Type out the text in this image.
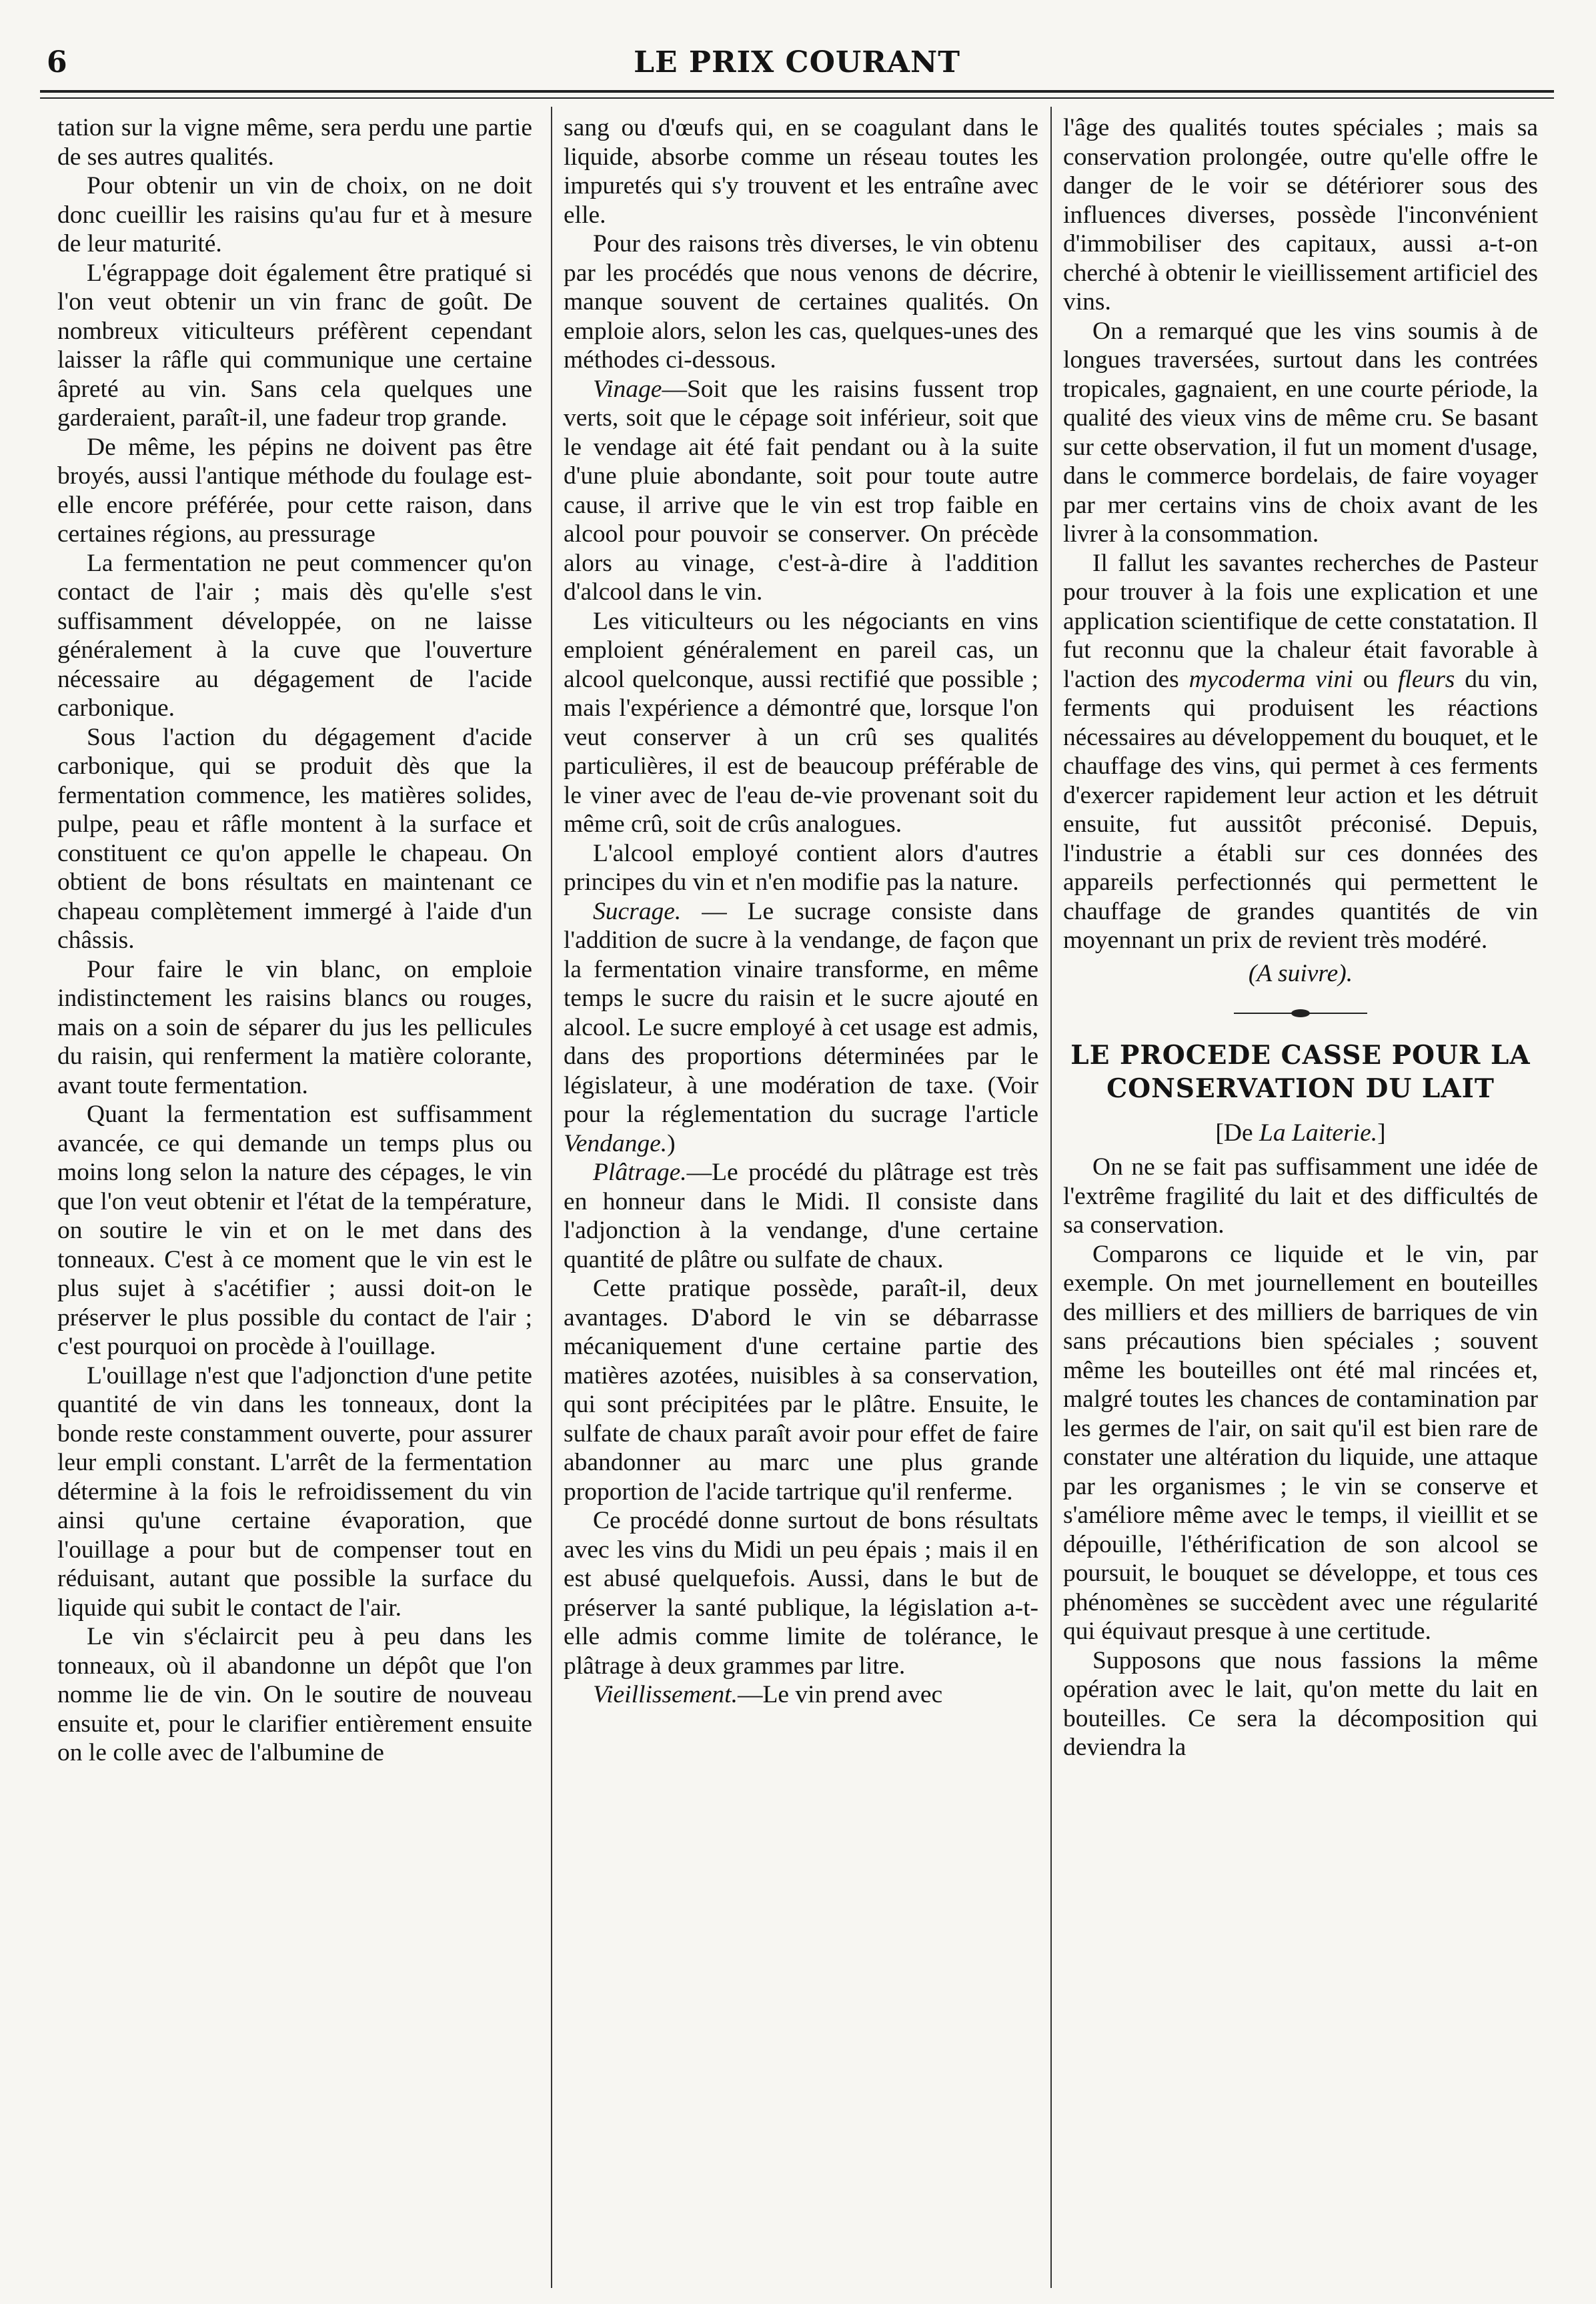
6	LE PRIX COURANT

tation sur la vigne même, sera perdu une partie de ses autres qualités.

Pour obtenir un vin de choix, on ne doit donc cueillir les raisins qu'au fur et à mesure de leur maturité.

L'égrappage doit également être pratiqué si l'on veut obtenir un vin franc de goût. De nombreux viticulteurs préfèrent cependant laisser la râfle qui communique une certaine âpreté au vin. Sans cela quelques une garderaient, paraît-il, une fadeur trop grande.

De même, les pépins ne doivent pas être broyés, aussi l'antique méthode du foulage est-elle encore préférée, pour cette raison, dans certaines régions, au pressurage

La fermentation ne peut commencer qu'on contact de l'air ; mais dès qu'elle s'est suffisamment développée, on ne laisse généralement à la cuve que l'ouverture nécessaire au dégagement de l'acide carbonique.

Sous l'action du dégagement d'acide carbonique, qui se produit dès que la fermentation commence, les matières solides, pulpe, peau et râfle montent à la surface et constituent ce qu'on appelle le chapeau. On obtient de bons résultats en maintenant ce chapeau complètement immergé à l'aide d'un châssis.

Pour faire le vin blanc, on emploie indistinctement les raisins blancs ou rouges, mais on a soin de séparer du jus les pellicules du raisin, qui renferment la matière colorante, avant toute fermentation.

Quant la fermentation est suffisamment avancée, ce qui demande un temps plus ou moins long selon la nature des cépages, le vin que l'on veut obtenir et l'état de la température, on soutire le vin et on le met dans des tonneaux. C'est à ce moment que le vin est le plus sujet à s'acétifier ; aussi doit-on le préserver le plus possible du contact de l'air ; c'est pourquoi on procède à l'ouillage.

L'ouillage n'est que l'adjonction d'une petite quantité de vin dans les tonneaux, dont la bonde reste constamment ouverte, pour assurer leur empli constant. L'arrêt de la fermentation détermine à la fois le refroidissement du vin ainsi qu'une certaine évaporation, que l'ouillage a pour but de compenser tout en réduisant, autant que possible la surface du liquide qui subit le contact de l'air.

Le vin s'éclaircit peu à peu dans les tonneaux, où il abandonne un dépôt que l'on nomme lie de vin. On le soutire de nouveau ensuite et, pour le clarifier entièrement ensuite on le colle avec de l'albumine de

sang ou d'œufs qui, en se coagulant dans le liquide, absorbe comme un réseau toutes les impuretés qui s'y trouvent et les entraîne avec elle.

Pour des raisons très diverses, le vin obtenu par les procédés que nous venons de décrire, manque souvent de certaines qualités. On emploie alors, selon les cas, quelques-unes des méthodes ci-dessous.

Vinage—Soit que les raisins fussent trop verts, soit que le cépage soit inférieur, soit que le vendage ait été fait pendant ou à la suite d'une pluie abondante, soit pour toute autre cause, il arrive que le vin est trop faible en alcool pour pouvoir se conserver. On précède alors au vinage, c'est-à-dire à l'addition d'alcool dans le vin.

Les viticulteurs ou les négociants en vins emploient généralement en pareil cas, un alcool quelconque, aussi rectifié que possible ; mais l'expérience a démontré que, lorsque l'on veut conserver à un crû ses qualités particulières, il est de beaucoup préférable de le viner avec de l'eau de-vie provenant soit du même crû, soit de crûs analogues.

L'alcool employé contient alors d'autres principes du vin et n'en modifie pas la nature.

Sucrage. — Le sucrage consiste dans l'addition de sucre à la vendange, de façon que la fermentation vinaire transforme, en même temps le sucre du raisin et le sucre ajouté en alcool. Le sucre employé à cet usage est admis, dans des proportions déterminées par le législateur, à une modération de taxe. (Voir pour la réglementation du sucrage l'article Vendange.)

Plâtrage.—Le procédé du plâtrage est très en honneur dans le Midi. Il consiste dans l'adjonction à la vendange, d'une certaine quantité de plâtre ou sulfate de chaux.

Cette pratique possède, paraît-il, deux avantages. D'abord le vin se débarrasse mécaniquement d'une certaine partie des matières azotées, nuisibles à sa conservation, qui sont précipitées par le plâtre. Ensuite, le sulfate de chaux paraît avoir pour effet de faire abandonner au marc une plus grande proportion de l'acide tartrique qu'il renferme.

Ce procédé donne surtout de bons résultats avec les vins du Midi un peu épais ; mais il en est abusé quelquefois. Aussi, dans le but de préserver la santé publique, la législation a-t-elle admis comme limite de tolérance, le plâtrage à deux grammes par litre.

Vieillissement.—Le vin prend avec

l'âge des qualités toutes spéciales ; mais sa conservation prolongée, outre qu'elle offre le danger de le voir se détériorer sous des influences diverses, possède l'inconvénient d'immobiliser des capitaux, aussi a-t-on cherché à obtenir le vieillissement artificiel des vins.

On a remarqué que les vins soumis à de longues traversées, surtout dans les contrées tropicales, gagnaient, en une courte période, la qualité des vieux vins de même cru. Se basant sur cette observation, il fut un moment d'usage, dans le commerce bordelais, de faire voyager par mer certains vins de choix avant de les livrer à la consommation.

Il fallut les savantes recherches de Pasteur pour trouver à la fois une explication et une application scientifique de cette constatation. Il fut reconnu que la chaleur était favorable à l'action des mycoderma vini ou fleurs du vin, ferments qui produisent les réactions nécessaires au développement du bouquet, et le chauffage des vins, qui permet à ces ferments d'exercer rapidement leur action et les détruit ensuite, fut aussitôt préconisé. Depuis, l'industrie a établi sur ces données des appareils perfectionnés qui permettent le chauffage de grandes quantités de vin moyennant un prix de revient très modéré.

(A suivre).

LE PROCEDE CASSE POUR LA CONSERVATION DU LAIT

[De La Laiterie.]

On ne se fait pas suffisamment une idée de l'extrême fragilité du lait et des difficultés de sa conservation.

Comparons ce liquide et le vin, par exemple. On met journellement en bouteilles des milliers et des milliers de barriques de vin sans précautions bien spéciales ; souvent même les bouteilles ont été mal rincées et, malgré toutes les chances de contamination par les germes de l'air, on sait qu'il est bien rare de constater une altération du liquide, une attaque par les organismes ; le vin se conserve et s'améliore même avec le temps, il vieillit et se dépouille, l'éthérification de son alcool se poursuit, le bouquet se développe, et tous ces phénomènes se succèdent avec une régularité qui équivaut presque à une certitude.

Supposons que nous fassions la même opération avec le lait, qu'on mette du lait en bouteilles. Ce sera la décomposition qui deviendra la
